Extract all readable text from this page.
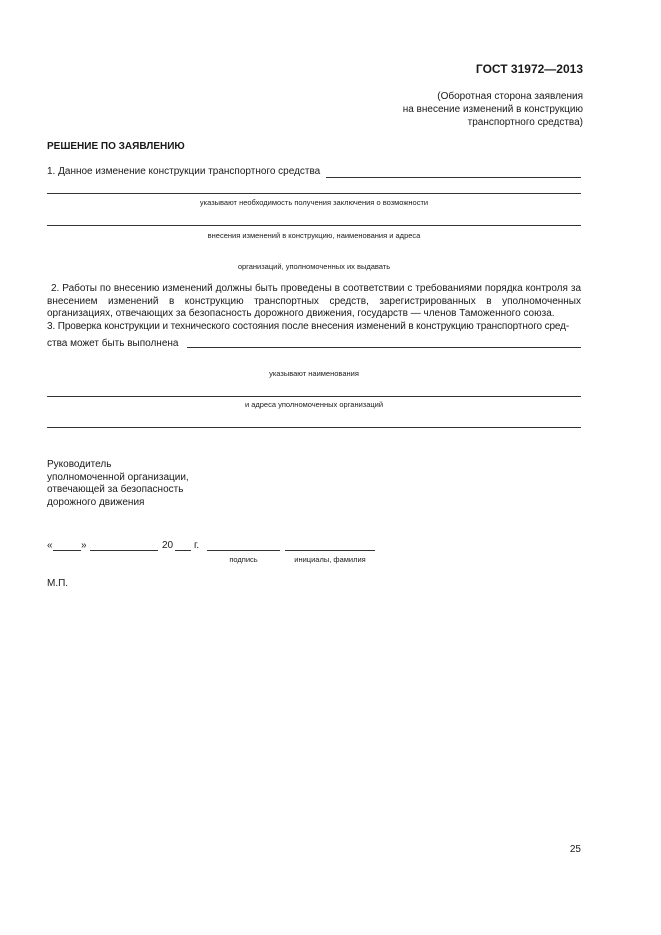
ГОСТ 31972—2013
(Оборотная сторона заявления
на внесение изменений в конструкцию
транспортного средства)
РЕШЕНИЕ ПО ЗАЯВЛЕНИЮ
1. Данное изменение конструкции транспортного средства
указывают необходимость получения заключения о возможности
внесения изменений в конструкцию, наименования и адреса
организаций, уполномоченных их выдавать
2. Работы по внесению изменений должны быть проведены в соответствии с требованиями порядка контроля за внесением изменений в конструкцию транспортных средств, зарегистрированных в уполномоченных организациях, отвечающих за безопасность дорожного движения, государств — членов Таможенного союза.
3. Проверка конструкции и технического состояния после внесения изменений в конструкцию транспортного сред-
ства может быть выполнена
указывают наименования
и адреса уполномоченных организаций
Руководитель
уполномоченной организации,
отвечающей за безопасность
дорожного движения
«	»	20 г.
подпись	инициалы, фамилия
М.П.
25
